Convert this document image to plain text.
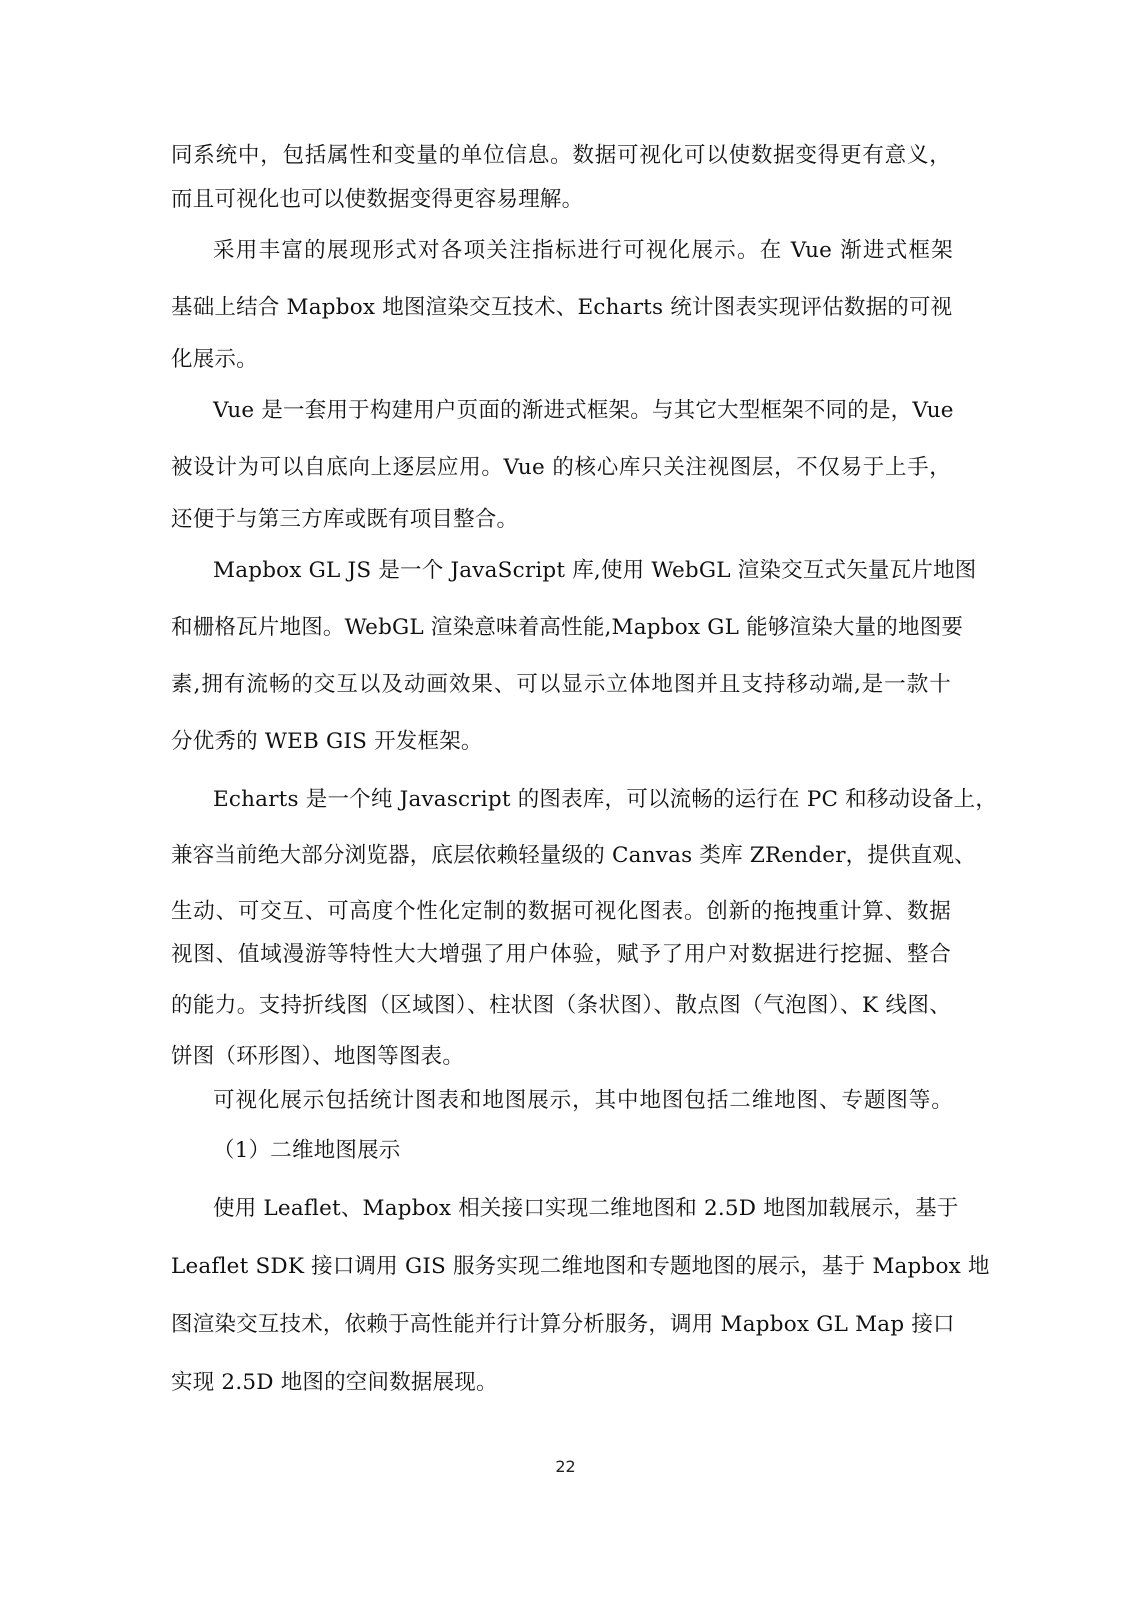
同系统中，包括属性和变量的单位信息。数据可视化可以使数据变得更有意义，
而且可视化也可以使数据变得更容易理解。
采用丰富的展现形式对各项关注指标进行可视化展示。在 Vue 渐进式框架
基础上结合 Mapbox 地图渲染交互技术、Echarts 统计图表实现评估数据的可视
化展示。
Vue 是一套用于构建用户页面的渐进式框架。与其它大型框架不同的是，Vue
被设计为可以自底向上逐层应用。Vue 的核心库只关注视图层，不仅易于上手，
还便于与第三方库或既有项目整合。
Mapbox GL JS 是一个 JavaScript 库,使用 WebGL 渲染交互式矢量瓦片地图
和栅格瓦片地图。WebGL 渲染意味着高性能,Mapbox GL 能够渲染大量的地图要
素,拥有流畅的交互以及动画效果、可以显示立体地图并且支持移动端,是一款十
分优秀的 WEB GIS 开发框架。
Echarts 是一个纯 Javascript 的图表库，可以流畅的运行在 PC 和移动设备上，
兼容当前绝大部分浏览器，底层依赖轻量级的 Canvas 类库 ZRender，提供直观、
生动、可交互、可高度个性化定制的数据可视化图表。创新的拖拽重计算、数据
视图、值域漫游等特性大大增强了用户体验，赋予了用户对数据进行挖掘、整合
的能力。支持折线图（区域图）、柱状图（条状图）、散点图（气泡图）、K 线图、
饼图（环形图）、地图等图表。
可视化展示包括统计图表和地图展示，其中地图包括二维地图、专题图等。
（1）二维地图展示
使用 Leaflet、Mapbox 相关接口实现二维地图和 2.5D 地图加载展示，基于
Leaflet SDK 接口调用 GIS 服务实现二维地图和专题地图的展示，基于 Mapbox 地
图渲染交互技术，依赖于高性能并行计算分析服务，调用 Mapbox GL Map 接口
实现 2.5D 地图的空间数据展现。
22
